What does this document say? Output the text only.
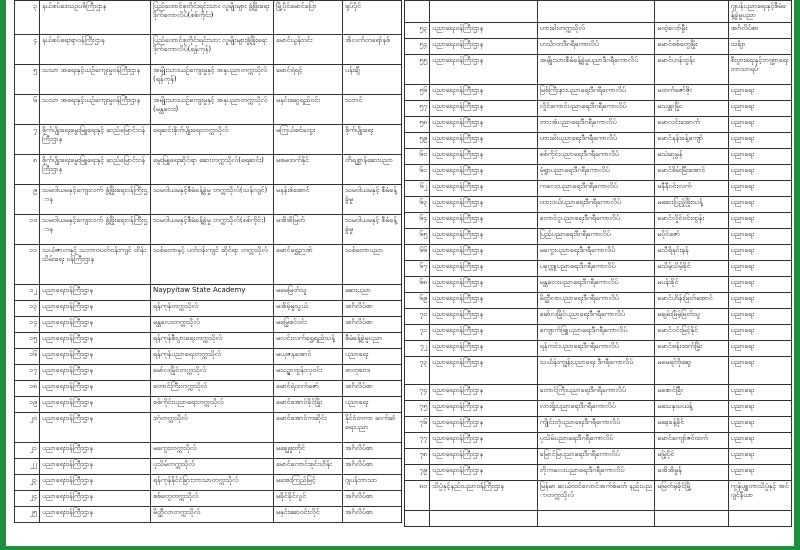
၃	နယ်စပ်ဒေသဥပဓိကြီးဌာန	ပြည်ထောင်စုတိုင်းရင်းသား လူမျိုးများ ဖွံ့ဖြိုးရေး ဒိုက်ကောလိပ်(စစ်ကိုင်း)	မြို့ပိုင်မောင်ပြော	ရုပ်ပိုင်
၄	နယ်စပ်ရေးရာဝန်ကြီးဌာန	ပြည်ထောင်စုတိုင်းရင်းသား လူမျိုးများဖွံ့ဖြိုးရေး ဒိုက်ကောလိပ်(ရန်ကုန်)	မောင်ယွန်းဝင်း	အိလက်တရော်နစ်
၅	သသာ အရေးနှင့်ယဉ်ကျေးမှုဝန်ကြီးဌာန	အမျိုးသားယဉ်ကျေးမှုနှင့် အနုပညာတက္ကသိုလ်(ရန်ကုန်)	မောင်ရဲရင့်	ပန်းချီ
၆	သသာ အရေးနှင့်ယဉ်ကျေးမှုဝန်ကြီးဌာန	အမျိုးသားယဉ်ကျေးမှုနှင့် အနုပညာတက္ကသိုလ်(မန္တလေး)	မနှင်းဆွေရည်ဝင်း	သဘင်
၇	စိုက်ပျိုးရေးမွေးမြူရေးနှင့် ဆည်မြောင်းဝန်ကြီးဌာန	ရေဆင်းစိုက်ပျိုးရေးတက္ကသိုလ်	မကြယ်စင်ထွေး	စိုက်ပျိုးရေး
၈	စိုက်ပျိုးရေးမွေးမြူရေးနှင့် ဆည်မြောင်းဝန်ကြီးဌာန	မွေးမြူရေးဆိုင်ရာ ဆေးတက္ကသိုလ်(ရေဆင်း)	မစမထက်နိုင်	တိရစ္ဆာန်ဆေးပညာ
၉	သမဝါယမနှင့်ကျေးလက် ဖွံ့ဖြိုးရေးဝန်ကြီးဌာန	သမဝါယမနှင့်စီမံခန့်ခွဲမှု တက္ကသိုလ်(သန်လျင်)	မနန်းစံအောင်	သမဝါယမနှင့် စီမံခန့်ခွဲမှု
၁၀	သမဝါယမနှင့်ကျေးလက် ဖွံ့ဖြိုးရေးဝန်ကြီးဌာန	သမဝါယမနှင့်စီမံခန့်ခွဲမှု တက္ကသိုလ်(စစ်ကိုင်း)	မအိအိမြတ်	သမဝါယမနှင့် စီမံခန့်ခွဲမှု
၁၁	သယံဇာတနှင့် သဘာဝပတ်ဝန်းကျင် ထိန်းသိမ်းရေး ဝန်ကြီးဌာန	သစ်တောနှင့် ပတ်ဝန်းကျင် ဆိုင်ရာ တက္ကသိုလ်	မောင်ရွှေဉာဏ်	သစ်တောပညာ
၁၂	ပညာရေးဝန်ကြီးဌာန	Naypyitaw State Academy	မမေမြတ်သူ	ဆေးပညာ
၁၃	ပညာရေးဝန်ကြီးဌာန	ရန်ကုန်တက္ကသိုလ်	မအိမ့်မူသွယ်	အင်္ဂလိပ်စာ
၁၄	ပညာရေးဝန်ကြီးဌာန	မန္တလေးတက္ကသိုလ်	မမြွေစင်ဝင်း	အင်္ဂလိပ်စာ
၁၅	ပညာရေးဝန်ကြီးဌာန	ရန်ကုန်စီးပွားရေးတက္ကသိုလ်	မလင်းလက်ရွှေရည်သန့်	စီမံခန့်ခွဲမှုပညာ
၁၆	ပညာရေးဝန်ကြီးဌာန	ရန်ကုန်ပညာရေးတက္ကသိုလ်	မယုဇနအောင်	ပညာရေး
၁၇	ပညာရေးဝန်ကြီးဌာန	မော်လမြိုင်တက္ကသိုလ်	မသဉ္ဇာထွန်းလှဝင်း	ဓာတုဗေဒ
၁၈	ပညာရေးဝန်ကြီးဌာန	တောင်ကြီးတက္ကသိုလ်	မောင်ရဲထက်ဇော်	အင်္ဂလိပ်စာ
၁၉	ပညာရေးဝန်ကြီးဌာန	စစ်ကိုင်းပညာရေးတက္ကသိုလ်	မောင်အောင်ခိုင်မြိုး	ပညာရေး
၂၀	ပညာရေးဝန်ကြီးဌာန	ဒဂုံတက္ကသိုလ်	မောင်အောင်ကဆိုင်း	နိုင်ငံတကာ ဆက်ဆံရေးပညာ
၂၁	ပညာရေးဝန်ကြီးဌာန	မကွေးတက္ကသိုလ်	မချွေဖူးတိုင်	အင်္ဂလိပ်စာ
၂၂	ပညာရေးဝန်ကြီးဌာန	ပုသိမ်တက္ကသိုလ်	မောင်ကောင်းစုင်းဟိန်း	အင်္ဂလိပ်စာ
၂၃	ပညာရေးဝန်ကြီးဌာန	ရန်ကုန်နိုင်ငံခြားဘာသာတက္ကသိုလ်	မအေးကြည်မြင့်	ဂျပန်ဘာသာ
၂၄	ပညာရေးဝန်ကြီးဌာန	စစ်တွေတက္ကသိုလ်	မခိုင်ခိုင်လွင်	အင်္ဂလိပ်စာ
၂၅	ပညာရေးဝန်ကြီးဌာန	မိတ္ထီလာတက္ကသိုလ်	မနှင်းဆေဝင်းလိုင်	အင်္ဂလိပ်စာ
				ဂျပန်ပညာရေးနှင့်စီမံခန့်ခွဲမှုပညာ
၅၃	ပညာရေးဝန်ကြီးဌာန	ဟားခါးတက္ကသိုလ်	မထဲ့လော်မွီး	အင်္ဂလိပ်စာ
၅၄	ပညာရေးဝန်ကြီးဌာန	ဟင်္သာတဒီဂရီကောလိပ်	မောင်စစ်တွေမြိုး	သင်္ချာ
၅၅	ပညာရေးဝန်ကြီးဌာန	အမျိုးသားစီမံခန့်ခွဲမှုပညာဒီဂရီကောလိပ်	မောင်ဟန်ထွန်း	စီးပွားရေးနှင့်ဘဏ္ဍာရေး ဘာသာရပ်
၅၆	ပညာရေးဝန်ကြီးဌာန	မြစ်ကြီးနားပညာရေးဒီဂရီကောလိပ်	မထက်ဇော်ဇိုး	ပညာရေး
၅၇	ပညာရေးဝန်ကြီးဌာန	လှိုင်ကောင်ပညာရေးဒီဂရီကောလိပ်	မသန္တာမြိုး	ပညာရေး
၅၈	ပညာရေးဝန်ကြီးဌာန	ဘားအံပညာရေးဒီဂရီကောလိပ်	မောလင်းအောက်	ပညာရေး
၅၉	ပညာရေးဝန်ကြီးဌာန	ဟားခါးပညာရေးဒီဂရီကောလိပ်	မောင်နန်းခန့်ကျော်	ပညာရေး
၆၀	ပညာရေးဝန်ကြီးဌာန	စစ်ကိုင်းပညာရေးဒီဂရီကောလိပ်	မသဲဆုမွန်	ပညာရေး
၆၁	ပညာရေးဝန်ကြီးဌာန	မုံရွာပညာရေးဒီဂရီကောလိပ်	မောင်စိမ်းမြီးအောင်	ပညာရေး
၆၂	ပညာရေးဝန်ကြီးဌာန	ကလေးပညာရေးဒီဂရီကောလိပ်	မနီနီဝင်းလက်	ပညာရေး
၆၃	ပညာရေးဝန်ကြီးဌာန	ထားဝယ်ပညာရေးဒီဂရီကောလိပ်	မဆေးပြည့်ဖြိုးသန့်	ပညာရေး
၆၄	ပညာရေးဝန်ကြီးဌာန	တောင်ငူပညာရေးဒီဂရီကောလိပ်	မောင်လှိုင်ဝင်းထွန်း	ပညာရေး
၆၅	ပညာရေးဝန်ကြီးဌာန	ပြည်ပညာရေးဒီဂရီကောလိပ်	မပိုင်ဇော်	ပညာရေး
၆၆	ပညာရေးဝန်ကြီးဌာန	မကွေးပညာရေးဒီဂရီကောလိပ်	မသီရိနှင်းနန်	ပညာရေး
၆၇	ပညာရေးဝန်ကြီးဌာန	ပခုက္ကူပညာရေးဒီဂရီကောလိပ်	မသိမ့်သိမ့်ခိုင်	ပညာရေး
၆၈	ပညာရေးဝန်ကြီးဌာန	မန္တလေးပညာရေးဒီဂရီကောလိပ်	မပန်းခိုင်	ပညာရေး
၆၉	ပညာရေးဝန်ကြီးဌာန	မိတ္ထီလာပညာရေးဒီဂရီကောလိပ်	မောင်ဟိန်းမြတ်အောင်	ပညာရေး
၇၀	ပညာရေးဝန်ကြီးဌာန	မော်လမြိုင်ပညာရေးဒီဂရီကောလိပ်	မချမ်းမြိမ့်မြတ်သူ	ပညာရေး
၇၁	ပညာရေးဝန်ကြီးဌာန	ကျောက်ဖြူပညာရေးဒီဂရီကောလိပ်	မောင်ဝင်းမြင့်နိုင်	ပညာရေး
၇၂	ပညာရေးဝန်ကြီးဌာန	ရန်ကင်းပညာရေးဒီဂရီကောလိပ်	မောင်စန်းထက်မြိုး	ပညာရေး
၇၃	ပညာရေးဝန်ကြီးဌာန	သင်္ဃန်းကျွန်းပညာရေး ဒီဂရီကောလိပ်	မမေရင်ဗိုဆွေ	ပညာရေး
၇၄	ပညာရေးဝန်ကြီးဌာန	တောင်ကြီးပညာရေးဒီဂရီကောလိပ်	မစောင်ခြီး	ပညာရေး
၇၅	ပညာရေးဝန်ကြီးဌာန	လားရှိုးပညာရေးဒီဂရီကောလိပ်	မသေနှသယန့်	ပညာရေး
၇၆	ပညာရေးဝန်ကြီးဌာန	ကျိုင်းတုံပညာရေးဒီဂရီကောလိပ်	မခေ့ခန့်ခိုင်	ပညာရေး
၇၇	ပညာရေးဝန်ကြီးဌာန	ပုသိမ်ပညာရေးဒီဂရီကောလိပ်	မောင်ကျော်ဇင်ထက်	ပညာရေး
၇၈	ပညာရေးဝန်ကြီးဌာန	မြောင်မြပညာရေးဒီဂရီကောလိပ်	မမြဲ့ပိုင်	ပညာရေး
၇၉	ပညာရေးဝန်ကြီးဌာန	ဘိုကလေးပညာရေးဒီဂရီကောလိပ်	မအိအိမွန်	ပညာရေး
၈၀	သိပ္ပံနှင့်နည်းပညာဝန်ကြီးဌာန	မြန်မာ ဆယ်ထင်လောင်အက်စ်မတ် နည်းပညာတက္ကသိုလ်	မမြတ်မဲ့ခိုင်မြို့	ကွန်ပျူတာသိပ္ပံနှင့် အင်ဂျင်နီယာ
